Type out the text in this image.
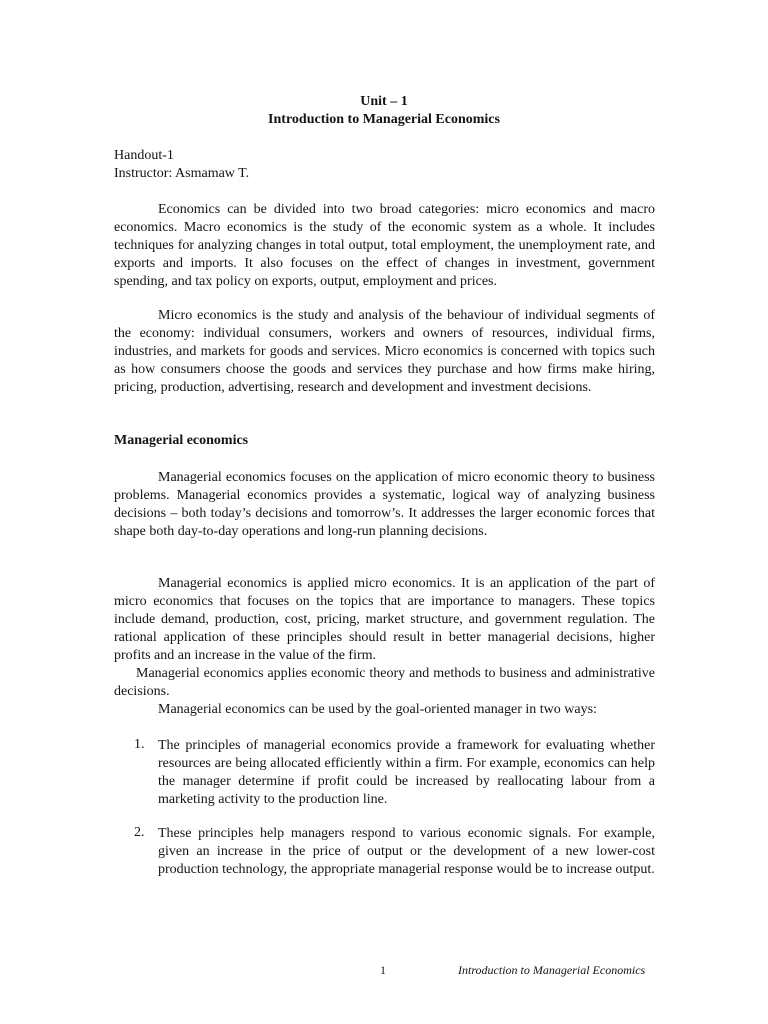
Unit – 1
Introduction to Managerial Economics
Handout-1
Instructor: Asmamaw T.
Economics can be divided into two broad categories: micro economics and macro economics. Macro economics is the study of the economic system as a whole. It includes techniques for analyzing changes in total output, total employment, the unemployment rate, and exports and imports. It also focuses on the effect of changes in investment, government spending, and tax policy on exports, output, employment and prices.
Micro economics is the study and analysis of the behaviour of individual segments of the economy: individual consumers, workers and owners of resources, individual firms, industries, and markets for goods and services. Micro economics is concerned with topics such as how consumers choose the goods and services they purchase and how firms make hiring, pricing, production, advertising, research and development and investment decisions.
Managerial economics
Managerial economics focuses on the application of micro economic theory to business problems. Managerial economics provides a systematic, logical way of analyzing business decisions – both today’s decisions and tomorrow’s. It addresses the larger economic forces that shape both day-to-day operations and long-run planning decisions.
Managerial economics is applied micro economics. It is an application of the part of micro economics that focuses on the topics that are importance to managers. These topics include demand, production, cost, pricing, market structure, and government regulation. The rational application of these principles should result in better managerial decisions, higher profits and an increase in the value of the firm.
Managerial economics applies economic theory and methods to business and administrative decisions.
Managerial economics can be used by the goal-oriented manager in two ways:
1. The principles of managerial economics provide a framework for evaluating whether resources are being allocated efficiently within a firm. For example, economics can help the manager determine if profit could be increased by reallocating labour from a marketing activity to the production line.
2. These principles help managers respond to various economic signals. For example, given an increase in the price of output or the development of a new lower-cost production technology, the appropriate managerial response would be to increase output.
1	Introduction to Managerial Economics
